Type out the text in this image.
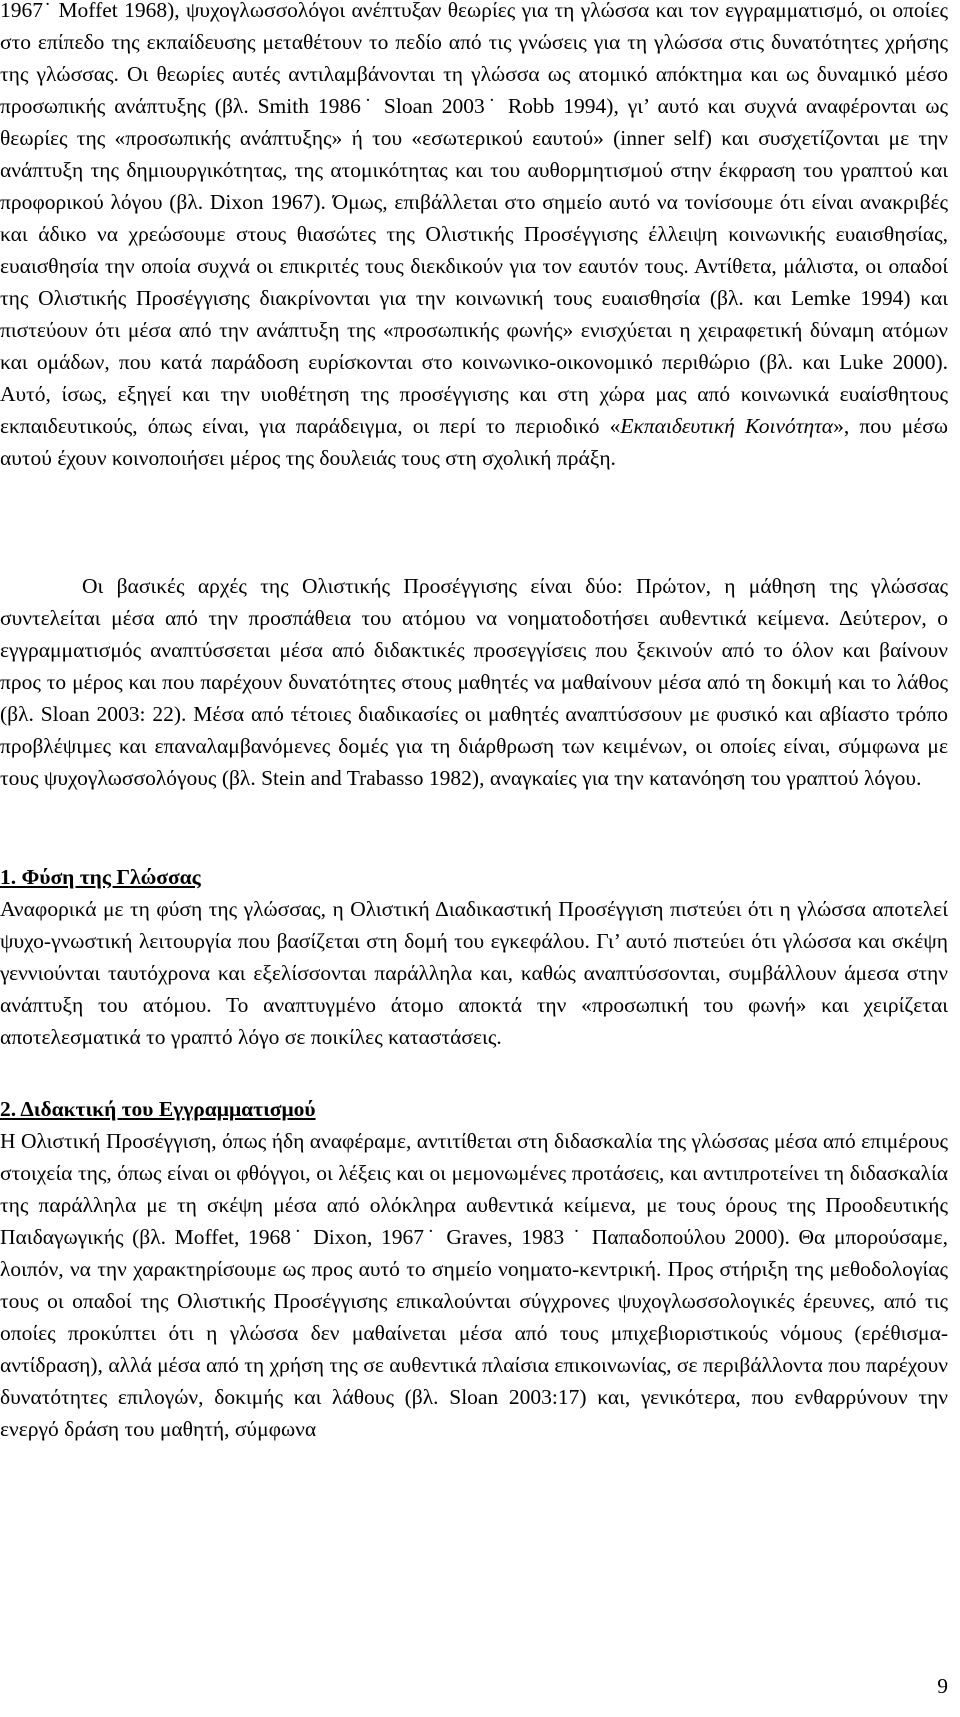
1967˙ Moffet 1968), ψυχογλωσσολόγοι ανέπτυξαν θεωρίες για τη γλώσσα και τον εγγραμματισμό, οι οποίες στο επίπεδο της εκπαίδευσης μεταθέτουν το πεδίο από τις γνώσεις για τη γλώσσα στις δυνατότητες χρήσης της γλώσσας. Οι θεωρίες αυτές αντιλαμβάνονται τη γλώσσα ως ατομικό απόκτημα και ως δυναμικό μέσο προσωπικής ανάπτυξης (βλ. Smith 1986˙ Sloan 2003˙ Robb 1994), γι’ αυτό και συχνά αναφέρονται ως θεωρίες της «προσωπικής ανάπτυξης» ή του «εσωτερικού εαυτού» (inner self) και συσχετίζονται με την ανάπτυξη της δημιουργικότητας, της ατομικότητας και του αυθορμητισμού στην έκφραση του γραπτού και προφορικού λόγου (βλ. Dixon 1967). Όμως, επιβάλλεται στο σημείο αυτό να τονίσουμε ότι είναι ανακριβές και άδικο να χρεώσουμε στους θιασώτες της Ολιστικής Προσέγγισης έλλειψη κοινωνικής ευαισθησίας, ευαισθησία την οποία συχνά οι επικριτές τους διεκδικούν για τον εαυτόν τους. Αντίθετα, μάλιστα, οι οπαδοί της Ολιστικής Προσέγγισης διακρίνονται για την κοινωνική τους ευαισθησία (βλ. και Lemke 1994) και πιστεύουν ότι μέσα από την ανάπτυξη της «προσωπικής φωνής» ενισχύεται η χειραφετική δύναμη ατόμων και ομάδων, που κατά παράδοση ευρίσκονται στο κοινωνικο-οικονομικό περιθώριο (βλ. και Luke 2000). Αυτό, ίσως, εξηγεί και την υιοθέτηση της προσέγγισης και στη χώρα μας από κοινωνικά ευαίσθητους εκπαιδευτικούς, όπως είναι, για παράδειγμα, οι περί το περιοδικό «Εκπαιδευτική Κοινότητα», που μέσω αυτού έχουν κοινοποιήσει μέρος της δουλειάς τους στη σχολική πράξη.

Οι βασικές αρχές της Ολιστικής Προσέγγισης είναι δύο: Πρώτον, η μάθηση της γλώσσας συντελείται μέσα από την προσπάθεια του ατόμου να νοηματοδοτήσει αυθεντικά κείμενα. Δεύτερον, ο εγγραμματισμός αναπτύσσεται μέσα από διδακτικές προσεγγίσεις που ξεκινούν από το όλον και βαίνουν προς το μέρος και που παρέχουν δυνατότητες στους μαθητές να μαθαίνουν μέσα από τη δοκιμή και το λάθος (βλ. Sloan 2003: 22). Μέσα από τέτοιες διαδικασίες οι μαθητές αναπτύσσουν με φυσικό και αβίαστο τρόπο προβλέψιμες και επαναλαμβανόμενες δομές για τη διάρθρωση των κειμένων, οι οποίες είναι, σύμφωνα με τους ψυχογλωσσολόγους (βλ. Stein and Trabasso 1982), αναγκαίες για την κατανόηση του γραπτού λόγου.

1. Φύση της Γλώσσας

Αναφορικά με τη φύση της γλώσσας, η Ολιστική Διαδικαστική Προσέγγιση πιστεύει ότι η γλώσσα αποτελεί ψυχο-γνωστική λειτουργία που βασίζεται στη δομή του εγκεφάλου. Γι’ αυτό πιστεύει ότι γλώσσα και σκέψη γεννιούνται ταυτόχρονα και εξελίσσονται παράλληλα και, καθώς αναπτύσσονται, συμβάλλουν άμεσα στην ανάπτυξη του ατόμου. Το αναπτυγμένο άτομο αποκτά την «προσωπική του φωνή» και χειρίζεται αποτελεσματικά το γραπτό λόγο σε ποικίλες καταστάσεις.

2. Διδακτική του Εγγραμματισμού

Η Ολιστική Προσέγγιση, όπως ήδη αναφέραμε, αντιτίθεται στη διδασκαλία της γλώσσας μέσα από επιμέρους στοιχεία της, όπως είναι οι φθόγγοι, οι λέξεις και οι μεμονωμένες προτάσεις, και αντιπροτείνει τη διδασκαλία της παράλληλα με τη σκέψη μέσα από ολόκληρα αυθεντικά κείμενα, με τους όρους της Προοδευτικής Παιδαγωγικής (βλ. Moffet, 1968˙ Dixon, 1967˙ Graves, 1983 ˙ Παπαδοπούλου 2000). Θα μπορούσαμε, λοιπόν, να την χαρακτηρίσουμε ως προς αυτό το σημείο νοηματο-κεντρική. Προς στήριξη της μεθοδολογίας τους οι οπαδοί της Ολιστικής Προσέγγισης επικαλούνται σύγχρονες ψυχογλωσσολογικές έρευνες, από τις οποίες προκύπτει ότι η γλώσσα δεν μαθαίνεται μέσα από τους μπιχεβιοριστικούς νόμους (ερέθισμα-αντίδραση), αλλά μέσα από τη χρήση της σε αυθεντικά πλαίσια επικοινωνίας, σε περιβάλλοντα που παρέχουν δυνατότητες επιλογών, δοκιμής και λάθους (βλ. Sloan 2003:17) και, γενικότερα, που ενθαρρύνουν την ενεργό δράση του μαθητή, σύμφωνα

9
